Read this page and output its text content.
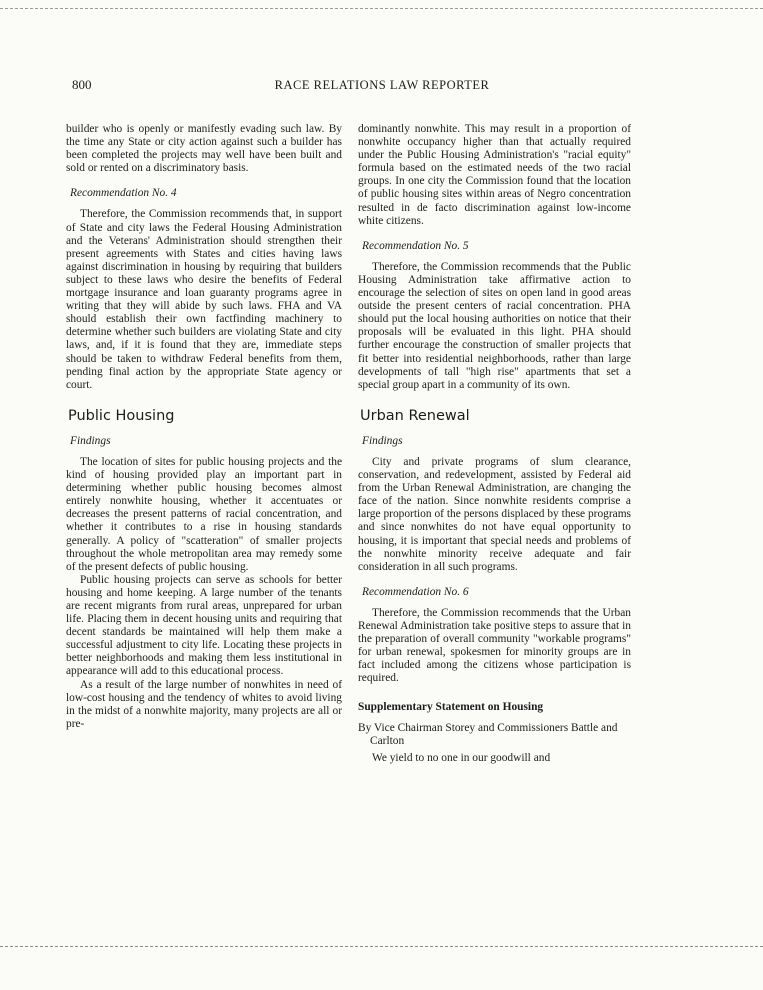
800	RACE RELATIONS LAW REPORTER

builder who is openly or manifestly evading such law. By the time any State or city action against such a builder has been completed the projects may well have been built and sold or rented on a discriminatory basis.

Recommendation No. 4

Therefore, the Commission recommends that, in support of State and city laws the Federal Housing Administration and the Veterans' Administration should strengthen their present agreements with States and cities having laws against discrimination in housing by requiring that builders subject to these laws who desire the benefits of Federal mortgage insurance and loan guaranty programs agree in writing that they will abide by such laws. FHA and VA should establish their own factfinding machinery to determine whether such builders are violating State and city laws, and, if it is found that they are, immediate steps should be taken to withdraw Federal benefits from them, pending final action by the appropriate State agency or court.

Public Housing
Findings

The location of sites for public housing projects and the kind of housing provided play an important part in determining whether public housing becomes almost entirely nonwhite housing, whether it accentuates or decreases the present patterns of racial concentration, and whether it contributes to a rise in housing standards generally. A policy of "scatteration" of smaller projects throughout the whole metropolitan area may remedy some of the present defects of public housing.

Public housing projects can serve as schools for better housing and home keeping. A large number of the tenants are recent migrants from rural areas, unprepared for urban life. Placing them in decent housing units and requiring that decent standards be maintained will help them make a successful adjustment to city life. Locating these projects in better neighborhoods and making them less institutional in appearance will add to this educational process.

As a result of the large number of nonwhites in need of low-cost housing and the tendency of whites to avoid living in the midst of a nonwhite majority, many projects are all or pre-

dominantly nonwhite. This may result in a proportion of nonwhite occupancy higher than that actually required under the Public Housing Administration's "racial equity" formula based on the estimated needs of the two racial groups. In one city the Commission found that the location of public housing sites within areas of Negro concentration resulted in de facto discrimination against low-income white citizens.

Recommendation No. 5

Therefore, the Commission recommends that the Public Housing Administration take affirmative action to encourage the selection of sites on open land in good areas outside the present centers of racial concentration. PHA should put the local housing authorities on notice that their proposals will be evaluated in this light. PHA should further encourage the construction of smaller projects that fit better into residential neighborhoods, rather than large developments of tall "high rise" apartments that set a special group apart in a community of its own.

Urban Renewal
Findings

City and private programs of slum clearance, conservation, and redevelopment, assisted by Federal aid from the Urban Renewal Administration, are changing the face of the nation. Since nonwhite residents comprise a large proportion of the persons displaced by these programs and since nonwhites do not have equal opportunity to housing, it is important that special needs and problems of the nonwhite minority receive adequate and fair consideration in all such programs.

Recommendation No. 6

Therefore, the Commission recommends that the Urban Renewal Administration take positive steps to assure that in the preparation of overall community "workable programs" for urban renewal, spokesmen for minority groups are in fact included among the citizens whose participation is required.

Supplementary Statement on Housing

By Vice Chairman Storey and Commissioners Battle and Carlton

We yield to no one in our goodwill and
